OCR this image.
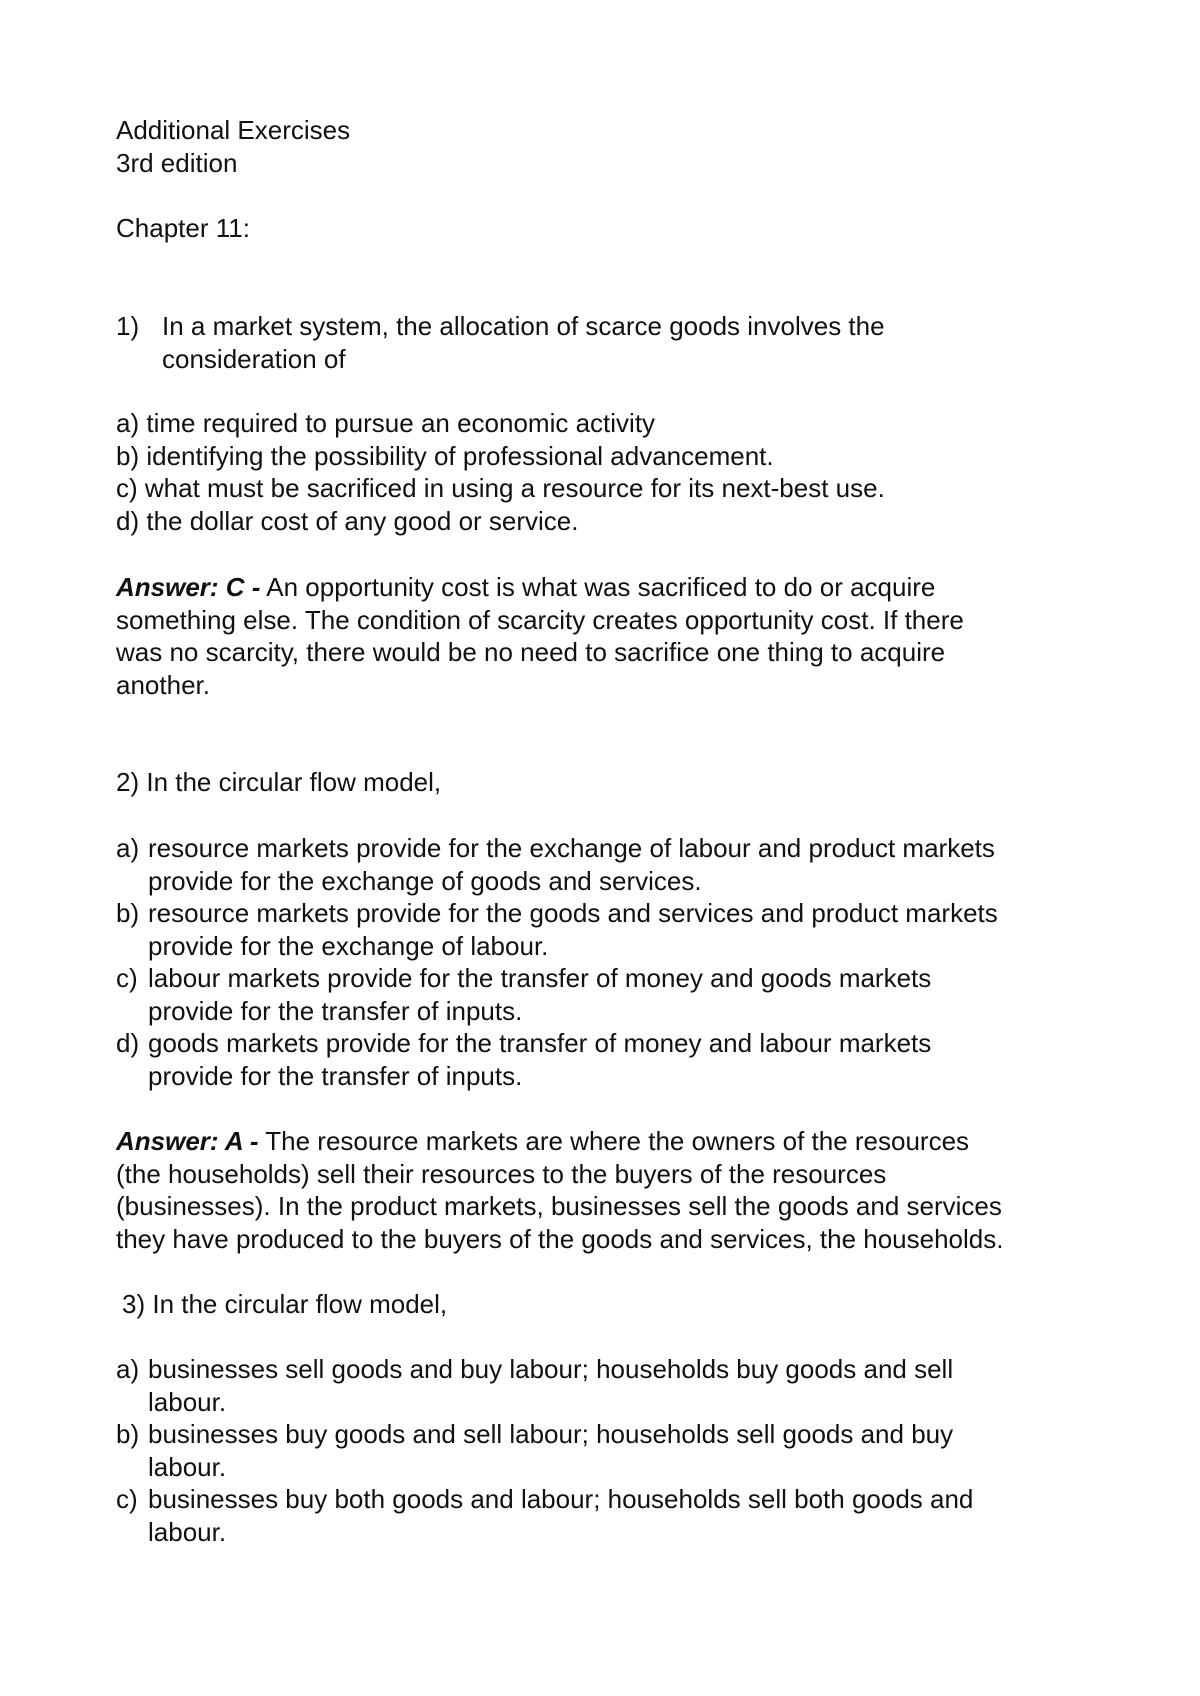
Additional Exercises
3rd edition
Chapter 11:
1) In a market system, the allocation of scarce goods involves the
consideration of
a) time required to pursue an economic activity
b) identifying the possibility of professional advancement.
c) what must be sacrificed in using a resource for its next-best use.
d) the dollar cost of any good or service.
Answer: C - An opportunity cost is what was sacrificed to do or acquire
something else. The condition of scarcity creates opportunity cost. If there
was no scarcity, there would be no need to sacrifice one thing to acquire
another.
2) In the circular flow model,
a) resource markets provide for the exchange of labour and product markets
provide for the exchange of goods and services.
b) resource markets provide for the goods and services and product markets
provide for the exchange of labour.
c) labour markets provide for the transfer of money and goods markets
provide for the transfer of inputs.
d) goods markets provide for the transfer of money and labour markets
provide for the transfer of inputs.
Answer: A - The resource markets are where the owners of the resources
(the households) sell their resources to the buyers of the resources
(businesses). In the product markets, businesses sell the goods and services
they have produced to the buyers of the goods and services, the households.
3) In the circular flow model,
a) businesses sell goods and buy labour; households buy goods and sell
labour.
b) businesses buy goods and sell labour; households sell goods and buy
labour.
c) businesses buy both goods and labour; households sell both goods and
labour.
